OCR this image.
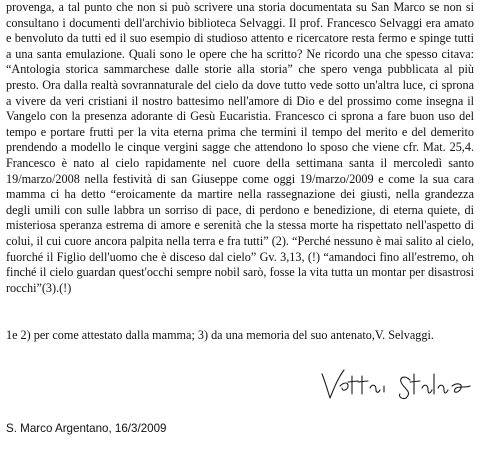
provenga, a tal punto che non si può scrivere una storia documentata su San Marco se non si consultano i documenti dell'archivio biblioteca Selvaggi. Il prof. Francesco Selvaggi era amato e benvoluto da tutti ed il suo esempio di studioso attento e ricercatore resta fermo e spinge tutti a una santa emulazione. Quali sono le opere che ha scritto? Ne ricordo una che spesso citava: “Antologia storica sammarchese dalle storie alla storia” che spero venga pubblicata al più presto. Ora dalla realtà sovrannaturale del cielo da dove tutto vede sotto un'altra luce, ci sprona a vivere da veri cristiani il nostro battesimo nell'amore di Dio e del prossimo come insegna il Vangelo con la presenza adorante di Gesù Eucaristia. Francesco ci sprona a fare buon uso del tempo e portare frutti per la vita eterna prima che termini il tempo del merito e del demerito prendendo a modello le cinque vergini sagge che attendono lo sposo che viene cfr. Mat. 25,4. Francesco è nato al cielo rapidamente nel cuore della settimana santa il mercoledì santo 19/marzo/2008 nella festività di san Giuseppe come oggi 19/marzo/2009 e come la sua cara mamma ci ha detto “eroicamente da martire nella rassegnazione dei giusti, nella grandezza degli umili con sulle labbra un sorriso di pace, di perdono e benedizione, di eterna quiete, di misteriosa speranza estrema di amore e serenità che la stessa morte ha rispettato nell'aspetto di colui, il cui cuore ancora palpita nella terra e fra tutti” (2). “Perché nessuno è mai salito al cielo, fuorché il Figlio dell'uomo che è disceso dal cielo” Gv. 3,13, (!) “amandoci fino all'estremo, oh finché il cielo guardan quest'occhi sempre nobil sarò, fosse la vita tutta un montar per disastrosi rocchi”(3).(!)

1e 2) per come attestato dalla mamma; 3) da una memoria del suo antenato,V. Selvaggi.

S. Marco Argentano, 16/3/2009
